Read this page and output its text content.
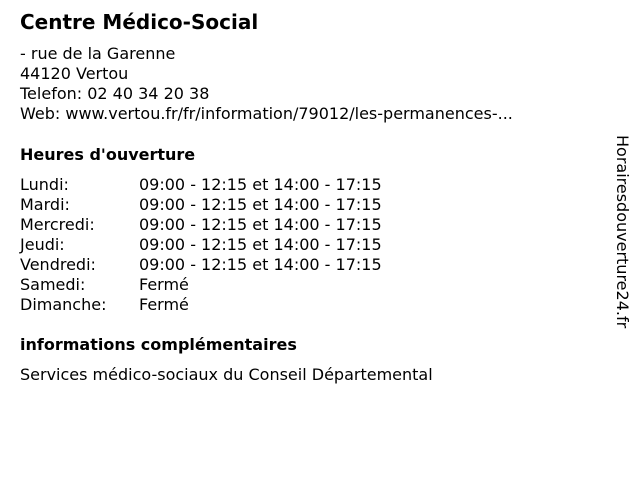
Centre Médico-Social
- rue de la Garenne
44120 Vertou
Telefon: 02 40 34 20 38
Web: www.vertou.fr/fr/information/79012/les-permanences-...
Heures d'ouverture
Lundi:	09:00 - 12:15 et 14:00 - 17:15
Mardi:	09:00 - 12:15 et 14:00 - 17:15
Mercredi:	09:00 - 12:15 et 14:00 - 17:15
Jeudi:	09:00 - 12:15 et 14:00 - 17:15
Vendredi:	09:00 - 12:15 et 14:00 - 17:15
Samedi:	Fermé
Dimanche:	Fermé
informations complémentaires
Services médico-sociaux du Conseil Départemental
Horairesdouverture24.fr
